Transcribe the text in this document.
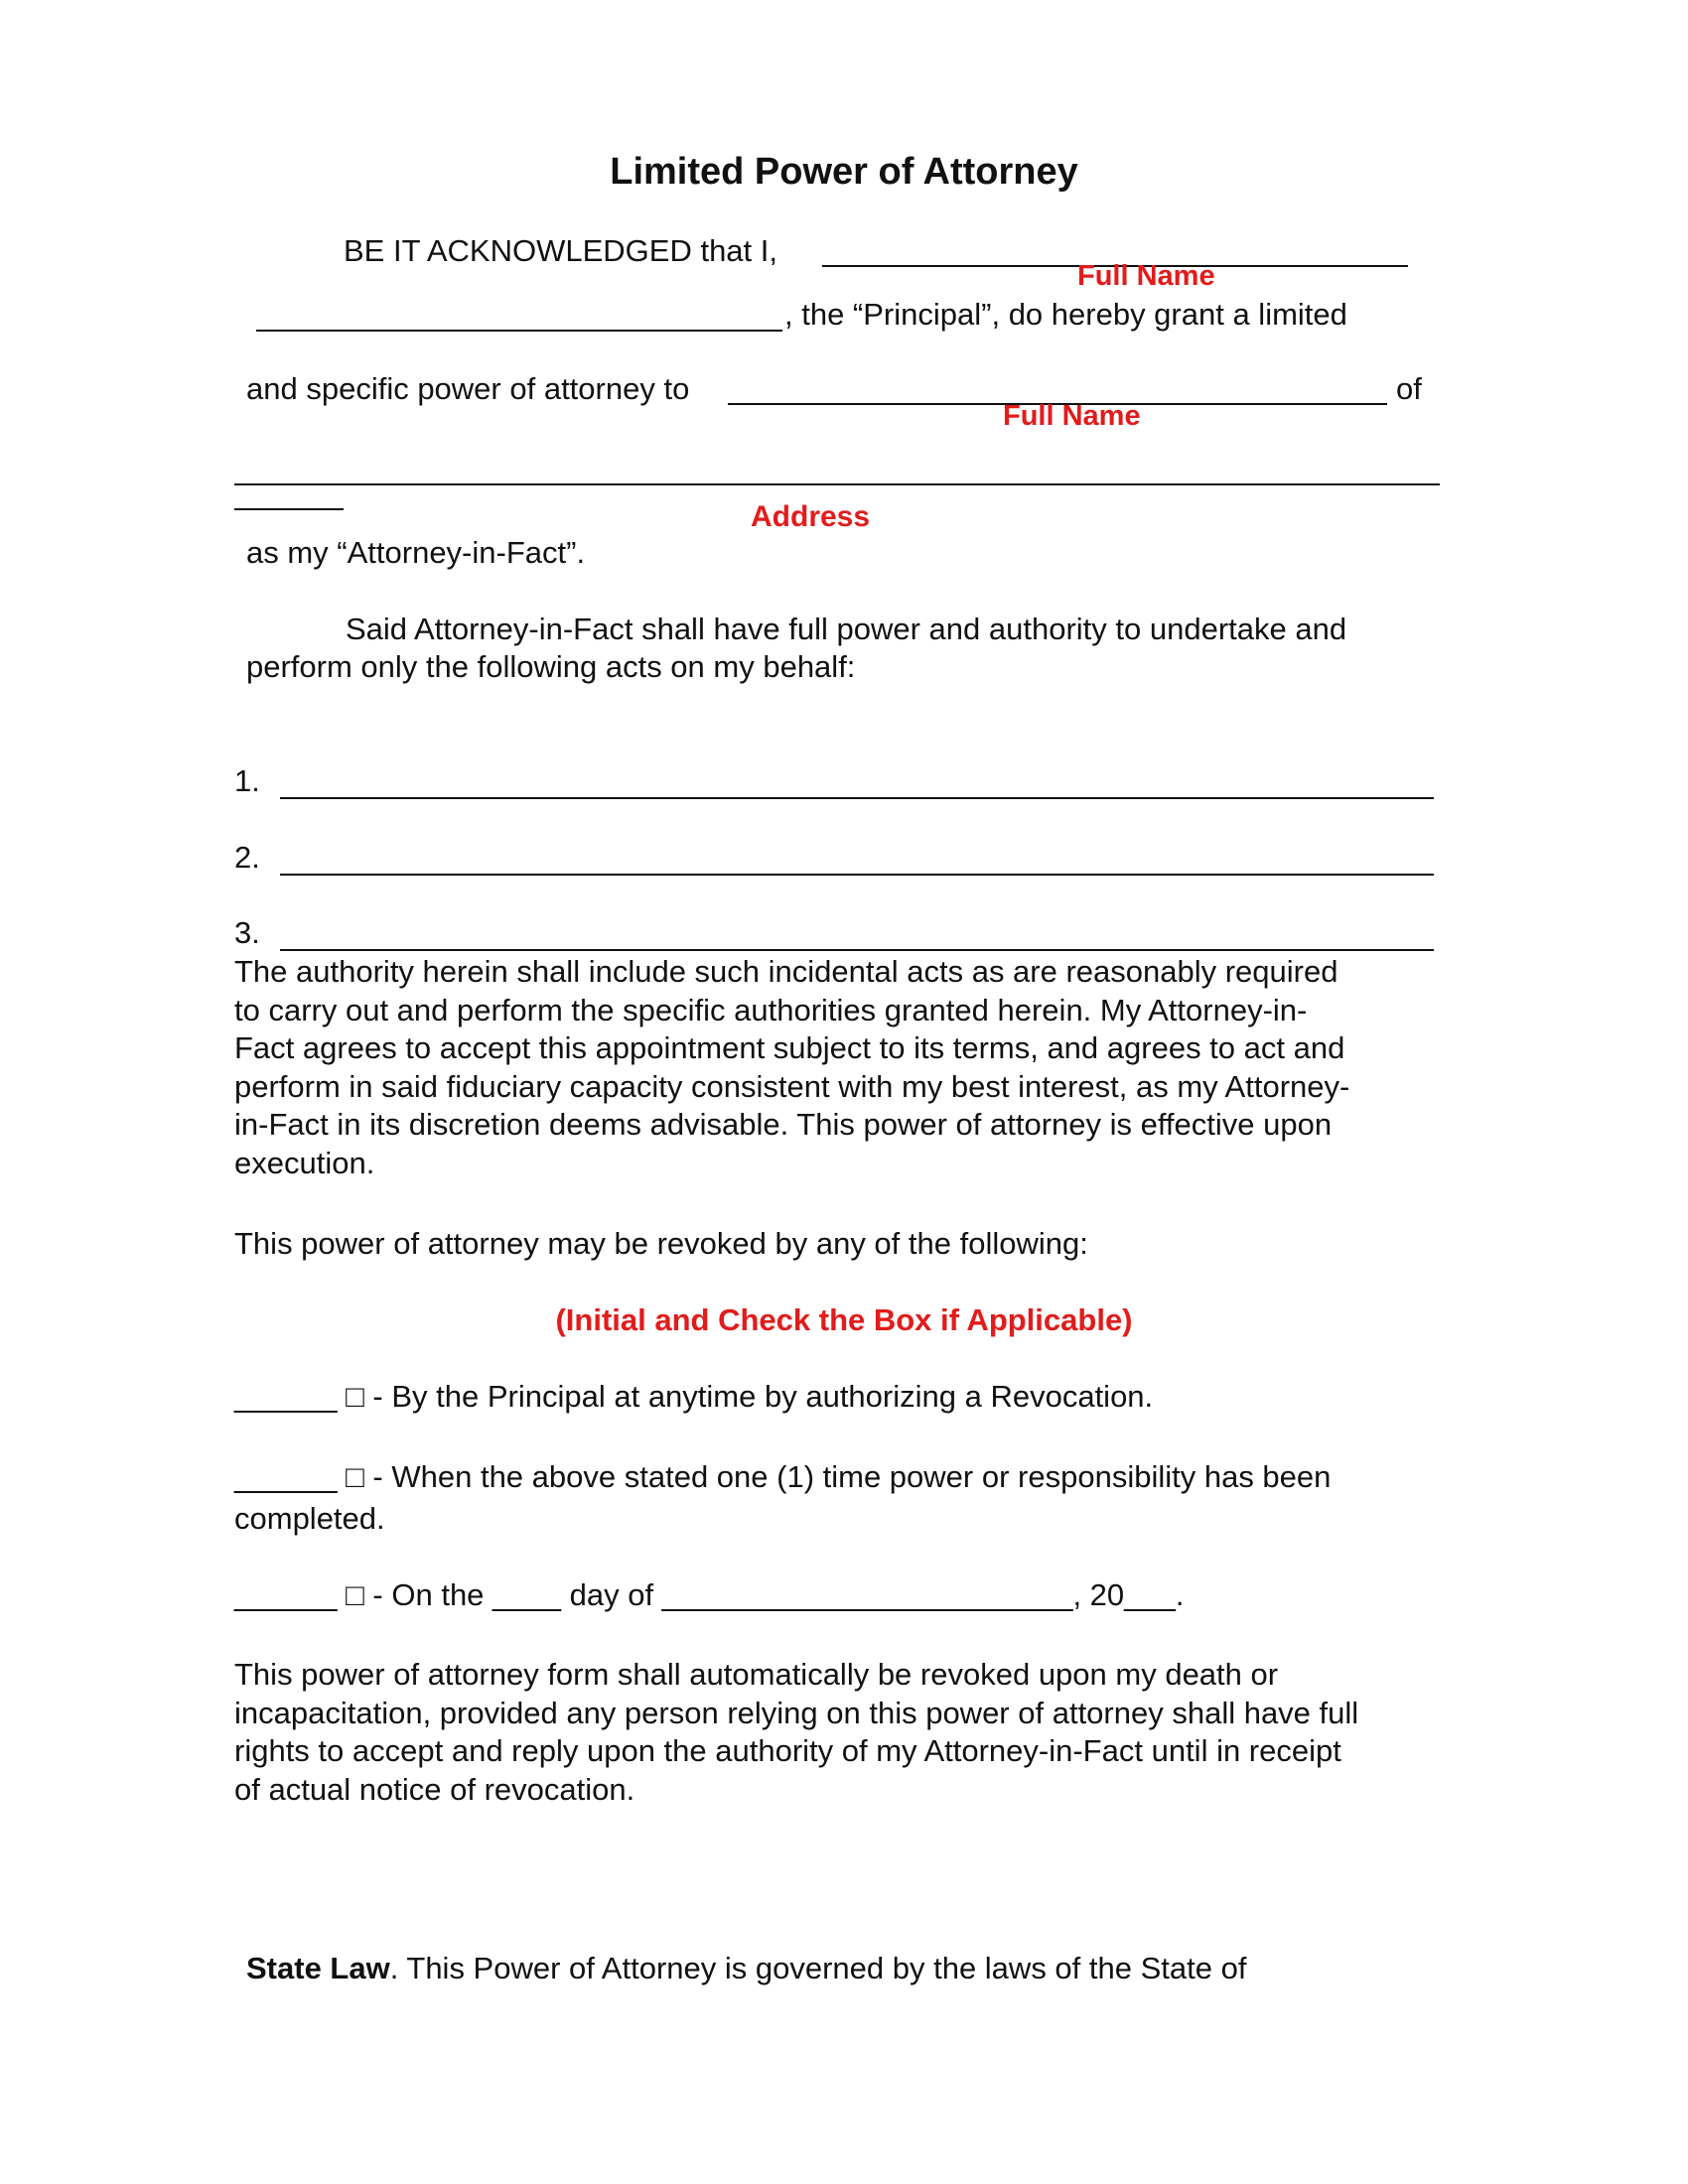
Limited Power of Attorney
BE IT ACKNOWLEDGED that I,
Full Name
, the “Principal”, do hereby grant a limited
and specific power of attorney to	of
Full Name
Address
as my “Attorney-in-Fact”.
Said Attorney-in-Fact shall have full power and authority to undertake and
perform only the following acts on my behalf:
1.
2.
3.
The authority herein shall include such incidental acts as are reasonably required
to carry out and perform the specific authorities granted herein. My Attorney-in-
Fact agrees to accept this appointment subject to its terms, and agrees to act and
perform in said fiduciary capacity consistent with my best interest, as my Attorney-
in-Fact in its discretion deems advisable. This power of attorney is effective upon
execution.
This power of attorney may be revoked by any of the following:
(Initial and Check the Box if Applicable)
______ □ - By the Principal at anytime by authorizing a Revocation.
______ □ - When the above stated one (1) time power or responsibility has been
completed.
______ □ - On the ____ day of ________________________, 20___.
This power of attorney form shall automatically be revoked upon my death or
incapacitation, provided any person relying on this power of attorney shall have full
rights to accept and reply upon the authority of my Attorney-in-Fact until in receipt
of actual notice of revocation.
State Law. This Power of Attorney is governed by the laws of the State of
